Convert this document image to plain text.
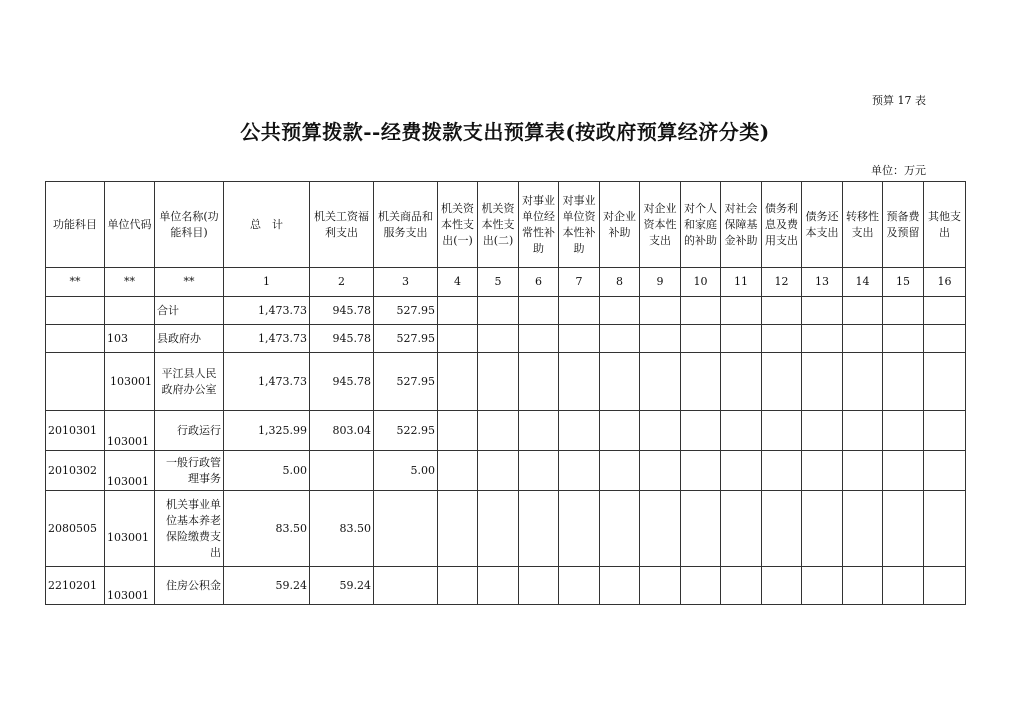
预算 17 表
公共预算拨款--经费拨款支出预算表(按政府预算经济分类)
单位：万元
功能科目	单位代码	单位名称(功能科目)	总　计	机关工资福利支出	机关商品和服务支出	机关资本性支出(一)	机关资本性支出(二)	对事业单位经常性补助	对事业单位资本性补助	对企业补助	对企业资本性支出	对个人和家庭的补助	对社会保障基金补助	债务利息及费用支出	债务还本支出	转移性支出	预备费及预留	其他支出
**	**	**	1	2	3	4	5	6	7	8	9	10	11	12	13	14	15	16
		合计	1,473.73	945.78	527.95													
	103	县政府办	1,473.73	945.78	527.95													
	103001	平江县人民政府办公室	1,473.73	945.78	527.95													
2010301	103001	行政运行	1,325.99	803.04	522.95													
2010302	103001	一般行政管理事务	5.00		5.00													
2080505	103001	机关事业单位基本养老保险缴费支出	83.50	83.50														
2210201	103001	住房公积金	59.24	59.24														
